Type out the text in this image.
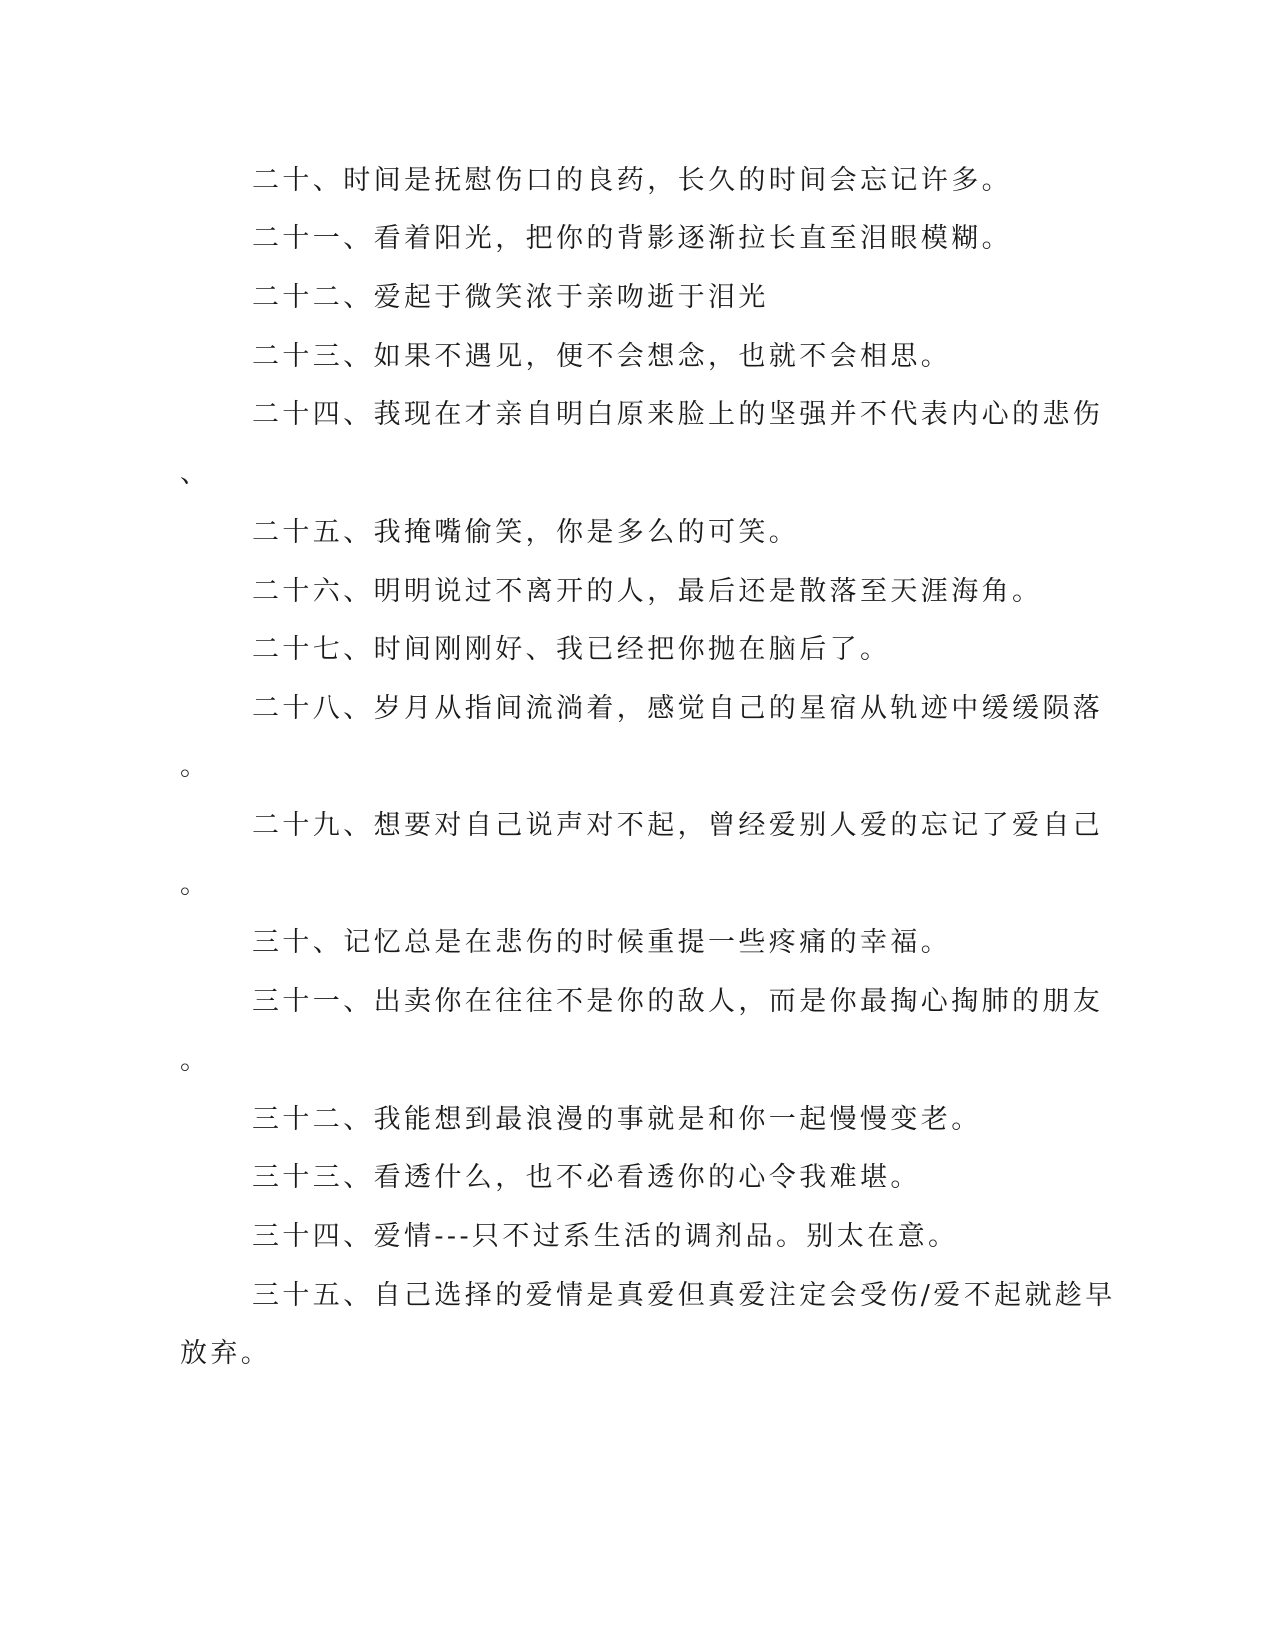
二十、时间是抚慰伤口的良药，长久的时间会忘记许多。
二十一、看着阳光，把你的背影逐渐拉长直至泪眼模糊。
二十二、爱起于微笑浓于亲吻逝于泪光
二十三、如果不遇见，便不会想念，也就不会相思。
二十四、莪现在才亲自明白原来脸上的坚强并不代表内心的悲伤
、
二十五、我掩嘴偷笑，你是多么的可笑。
二十六、明明说过不离开的人，最后还是散落至天涯海角。
二十七、时间刚刚好、我已经把你抛在脑后了。
二十八、岁月从指间流淌着，感觉自己的星宿从轨迹中缓缓陨落
。
二十九、想要对自己说声对不起，曾经爱别人爱的忘记了爱自己
。
三十、记忆总是在悲伤的时候重提一些疼痛的幸福。
三十一、出卖你在往往不是你的敌人，而是你最掏心掏肺的朋友
。
三十二、我能想到最浪漫的事就是和你一起慢慢变老。
三十三、看透什么，也不必看透你的心令我难堪。
三十四、爱情---只不过系生活的调剂品。别太在意。
三十五、自己选择的爱情是真爱但真爱注定会受伤/爱不起就趁早
放弃。
